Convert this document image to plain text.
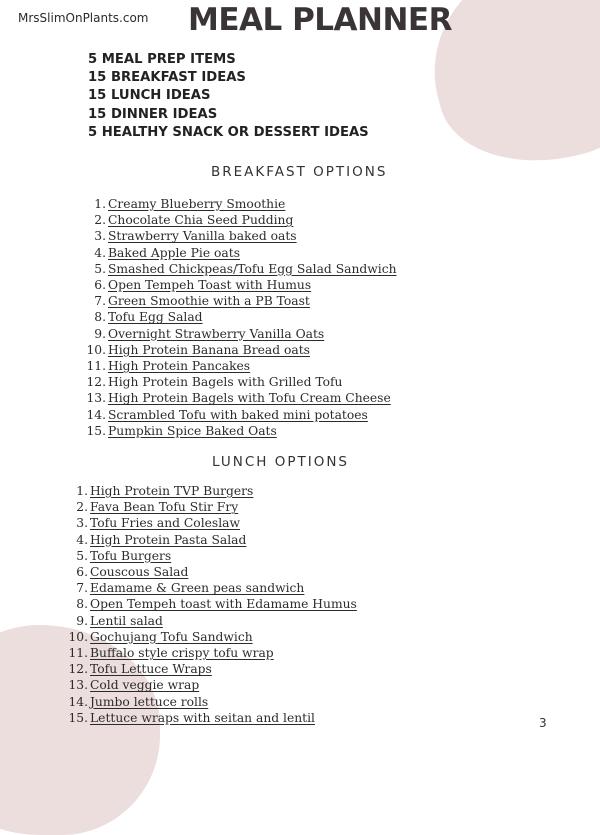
MrsSlimOnPlants.com MEAL PLANNER
5 MEAL PREP ITEMS
15 BREAKFAST IDEAS
15 LUNCH IDEAS
15 DINNER IDEAS
5 HEALTHY SNACK OR DESSERT IDEAS
BREAKFAST OPTIONS
1. Creamy Blueberry Smoothie
2. Chocolate Chia Seed Pudding
3. Strawberry Vanilla baked oats
4. Baked Apple Pie oats
5. Smashed Chickpeas/Tofu Egg Salad Sandwich
6. Open Tempeh Toast with Humus
7. Green Smoothie with a PB Toast
8. Tofu Egg Salad
9. Overnight Strawberry Vanilla Oats
10. High Protein Banana Bread oats
11. High Protein Pancakes
12. High Protein Bagels with Grilled Tofu
13. High Protein Bagels with Tofu Cream Cheese
14. Scrambled Tofu with baked mini potatoes
15. Pumpkin Spice Baked Oats
LUNCH OPTIONS
1. High Protein TVP Burgers
2. Fava Bean Tofu Stir Fry
3. Tofu Fries and Coleslaw
4. High Protein Pasta Salad
5. Tofu Burgers
6. Couscous Salad
7. Edamame & Green peas sandwich
8. Open Tempeh toast with Edamame Humus
9. Lentil salad
10. Gochujang Tofu Sandwich
11. Buffalo style crispy tofu wrap
12. Tofu Lettuce Wraps
13. Cold veggie wrap
14. Jumbo lettuce rolls
15. Lettuce wraps with seitan and lentil	3
